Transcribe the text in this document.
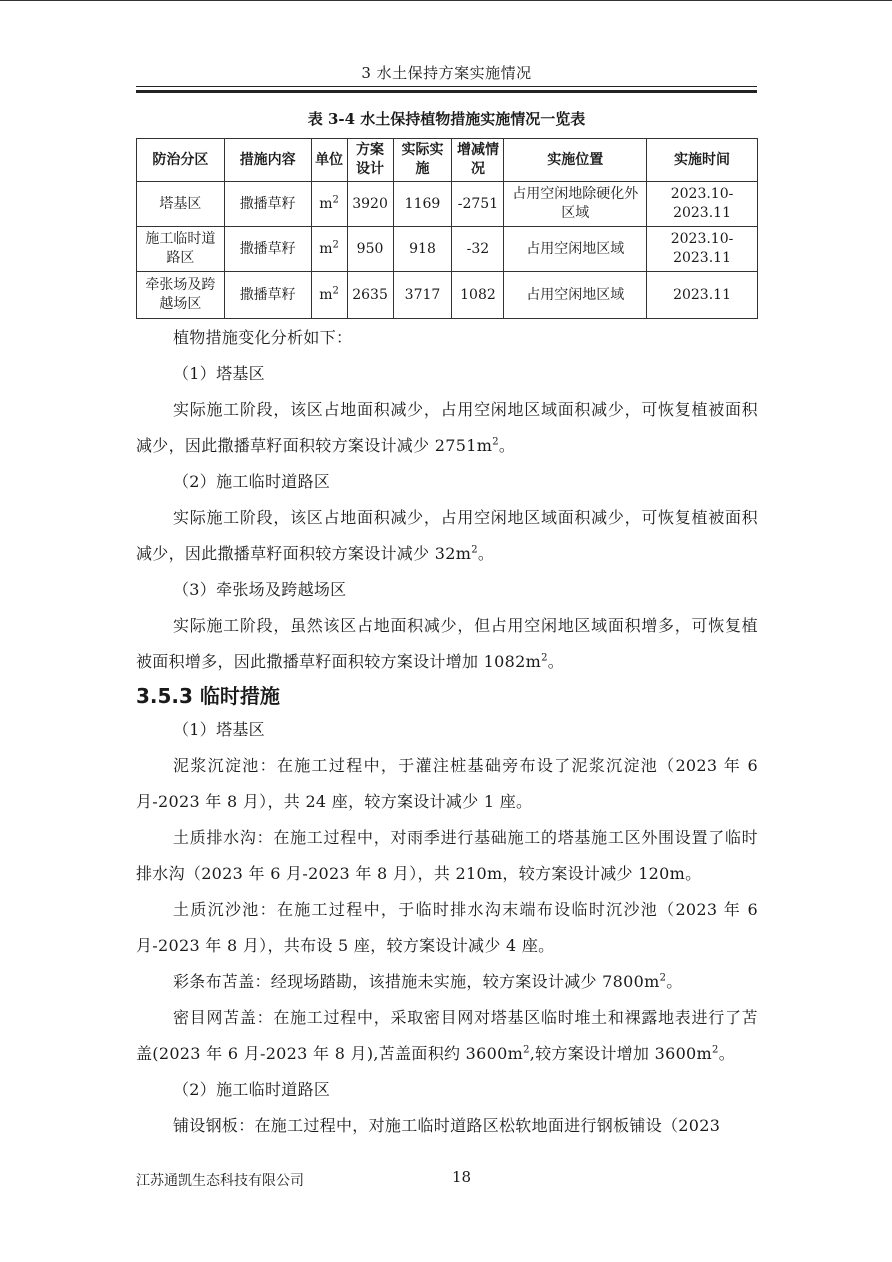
3 水土保持方案实施情况
表 3-4 水土保持植物措施实施情况一览表
防治分区	措施内容	单位	方案设计	实际实施	增减情况	实施位置	实施时间
塔基区	撒播草籽	$m^2$	3920	1169	-2751	占用空闲地除硬化外区域	2023.10-2023.11
施工临时道路区	撒播草籽	$m^2$	950	918	-32	占用空闲地区域	2023.10-2023.11
牵张场及跨越场区	撒播草籽	$m^2$	2635	3717	1082	占用空闲地区域	2023.11

植物措施变化分析如下：

（1）塔基区

实际施工阶段，该区占地面积减少，占用空闲地区域面积减少，可恢复植被面积减少，因此撒播草籽面积较方案设计减少 $2751m^2$。

（2）施工临时道路区

实际施工阶段，该区占地面积减少，占用空闲地区域面积减少，可恢复植被面积减少，因此撒播草籽面积较方案设计减少 $32m^2$。

（3）牵张场及跨越场区

实际施工阶段，虽然该区占地面积减少，但占用空闲地区域面积增多，可恢复植被面积增多，因此撒播草籽面积较方案设计增加 $1082m^2$。

3.5.3 临时措施

（1）塔基区

泥浆沉淀池：在施工过程中，于灌注桩基础旁布设了泥浆沉淀池（2023 年 6 月-2023 年 8 月），共 24 座，较方案设计减少 1 座。

土质排水沟：在施工过程中，对雨季进行基础施工的塔基施工区外围设置了临时排水沟（2023 年 6 月-2023 年 8 月），共 210m，较方案设计减少 120m。

土质沉沙池：在施工过程中，于临时排水沟末端布设临时沉沙池（2023 年 6 月-2023 年 8 月），共布设 5 座，较方案设计减少 4 座。

彩条布苫盖：经现场踏勘，该措施未实施，较方案设计减少 $7800m^2$。

密目网苫盖：在施工过程中，采取密目网对塔基区临时堆土和裸露地表进行了苫盖(2023 年 6 月-2023 年 8 月),苫盖面积约 $3600m^2$,较方案设计增加 $3600m^2$。

（2）施工临时道路区

铺设钢板：在施工过程中，对施工临时道路区松软地面进行钢板铺设（2023

江苏通凯生态科技有限公司	18
